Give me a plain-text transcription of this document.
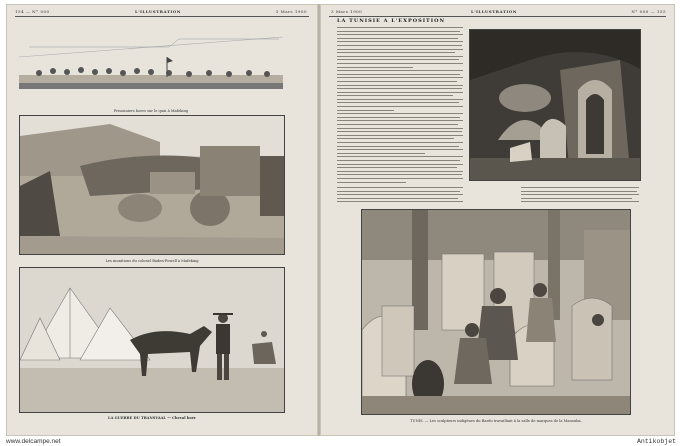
154 — N° 000	L'ILLUSTRATION	3 Mars 1900
Prisonniers boers sur le quai à Mafeking
Les munitions du colonel Baden-Powell à Mafeking
LA GUERRE DU TRANSVAAL — Cheval boer
3 Mars 1900	L'ILLUSTRATION	N° 000 — 155
LA TUNISIE A L'EXPOSITION
TUNIS. — Les sculpteurs indigènes du Bardo travaillant à la salle de marques de la Manouba.
www.delcampe.net	Antikobjet
